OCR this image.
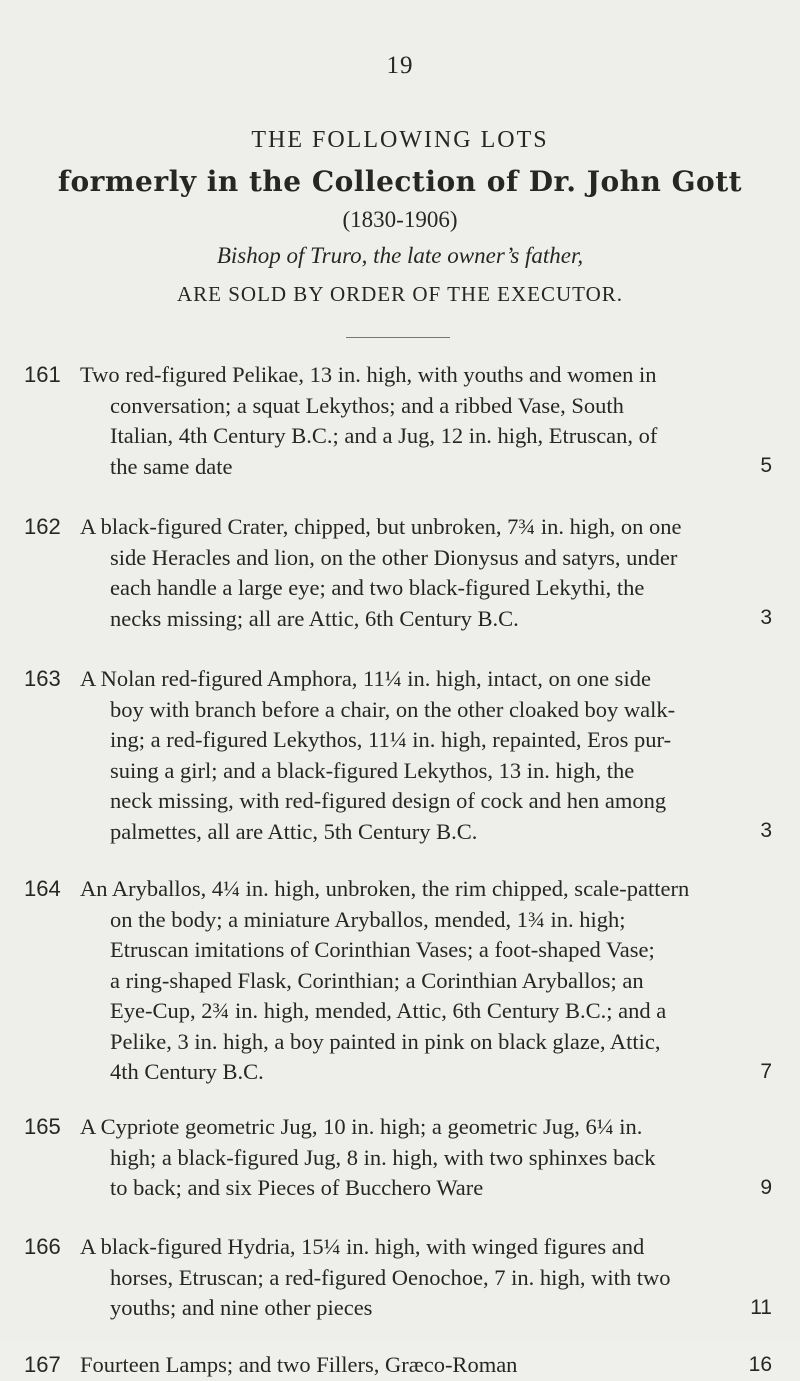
19
THE FOLLOWING LOTS
formerly in the Collection of Dr. John Gott
(1830-1906)
Bishop of Truro, the late owner’s father,
ARE SOLD BY ORDER OF THE EXECUTOR.
161 Two red-figured Pelikae, 13 in. high, with youths and women in
conversation; a squat Lekythos; and a ribbed Vase, South
Italian, 4th Century B.C.; and a Jug, 12 in. high, Etruscan, of
the same date	5
162 A black-figured Crater, chipped, but unbroken, 7¾ in. high, on one
side Heracles and lion, on the other Dionysus and satyrs, under
each handle a large eye; and two black-figured Lekythi, the
necks missing; all are Attic, 6th Century B.C.	3
163 A Nolan red-figured Amphora, 11¼ in. high, intact, on one side
boy with branch before a chair, on the other cloaked boy walk-
ing; a red-figured Lekythos, 11¼ in. high, repainted, Eros pur-
suing a girl; and a black-figured Lekythos, 13 in. high, the
neck missing, with red-figured design of cock and hen among
palmettes, all are Attic, 5th Century B.C.	3
164 An Aryballos, 4¼ in. high, unbroken, the rim chipped, scale-pattern
on the body; a miniature Aryballos, mended, 1¾ in. high;
Etruscan imitations of Corinthian Vases; a foot-shaped Vase;
a ring-shaped Flask, Corinthian; a Corinthian Aryballos; an
Eye-Cup, 2¾ in. high, mended, Attic, 6th Century B.C.; and a
Pelike, 3 in. high, a boy painted in pink on black glaze, Attic,
4th Century B.C.	7
165 A Cypriote geometric Jug, 10 in. high; a geometric Jug, 6¼ in.
high; a black-figured Jug, 8 in. high, with two sphinxes back
to back; and six Pieces of Bucchero Ware	9
166 A black-figured Hydria, 15¼ in. high, with winged figures and
horses, Etruscan; a red-figured Oenochoe, 7 in. high, with two
youths; and nine other pieces	11
167 Fourteen Lamps; and two Fillers, Græco-Roman	16
